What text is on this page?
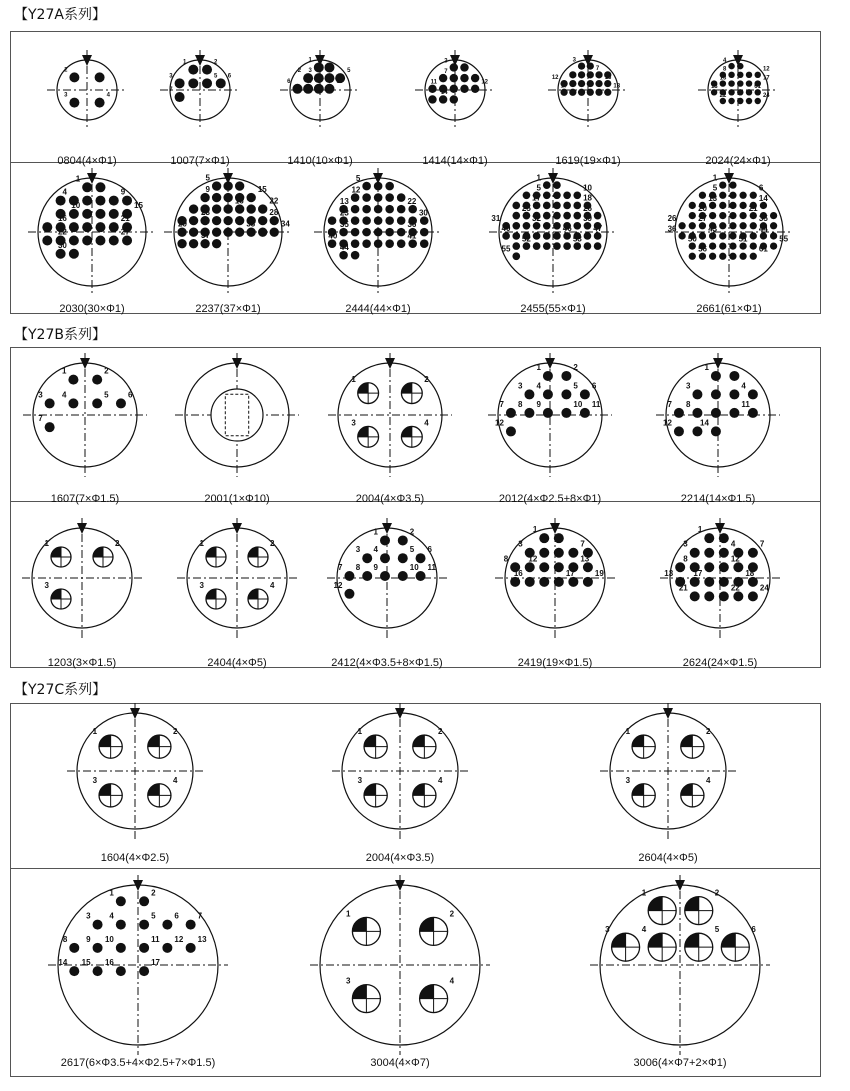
【Y27A系列】
【Y27B系列】
【Y27C系列】
2
3	4
0804(4×Φ1)
1	2
3	5 6
7
1007(7×Φ1)
1
2 3	5
6	9	10
1410(10×Φ1)
3
7
11	12
14
1414(14×Φ1)
3
7
12	13
17	18
1619(19×Φ1)
4
8	12
13	17
18	61
22	24
2024(24×Φ1)
1
4	9
10	15
16	21
22	27
30
2030(30×Φ1)
5
9	15
16	22
23	28
29	33	34
37
2237(37×Φ1)
5
12
13	22
23	30
35	36
40	41
44
2444(44×Φ1)
1
5	10
17	18
25	26
31	32	39
40	46	47
52	53
55
2455(55×Φ1)
1
5	6
13	14
20	21
26	27	35
36	43	44
50	51	55
56	61
2661(61×Φ1)
1	2
3 4	5 6
7
1607(7×Φ1.5)	2001(1×Φ10)
1	2
3	4
2004(4×Φ3.5)
1	2
3 4	5 6
7 8 9	10 11
12
2012(4×Φ2.5+8×Φ1)
1
3	4
7 8	11
12	14
2214(14×Φ1.5)
1	2
3
1203(3×Φ1.5)
1	2
3	4
2404(4×Φ5)
1	2
3 4	5 6
7 8 9	10 11
12
2412(4×Φ3.5+8×Φ1.5)
1
3	7
8	12	13
16	17	19
2419(19×Φ1.5)
1
3	4	7
8	12
13	17	18
21	22	24
2624(24×Φ1.5)
1	2
3	4
1604(4×Φ2.5)
1	2
3	4
2004(4×Φ3.5)
1	2
3	4
2604(4×Φ5)
1	2
3 4	5 6 7
8 9 10	11 12 13
14 15 16	17
2617(6×Φ3.5+4×Φ2.5+7×Φ1.5)
1	2
3	4
3004(4×Φ7)
1	2
3	4	5	6
3006(4×Φ7+2×Φ1)
